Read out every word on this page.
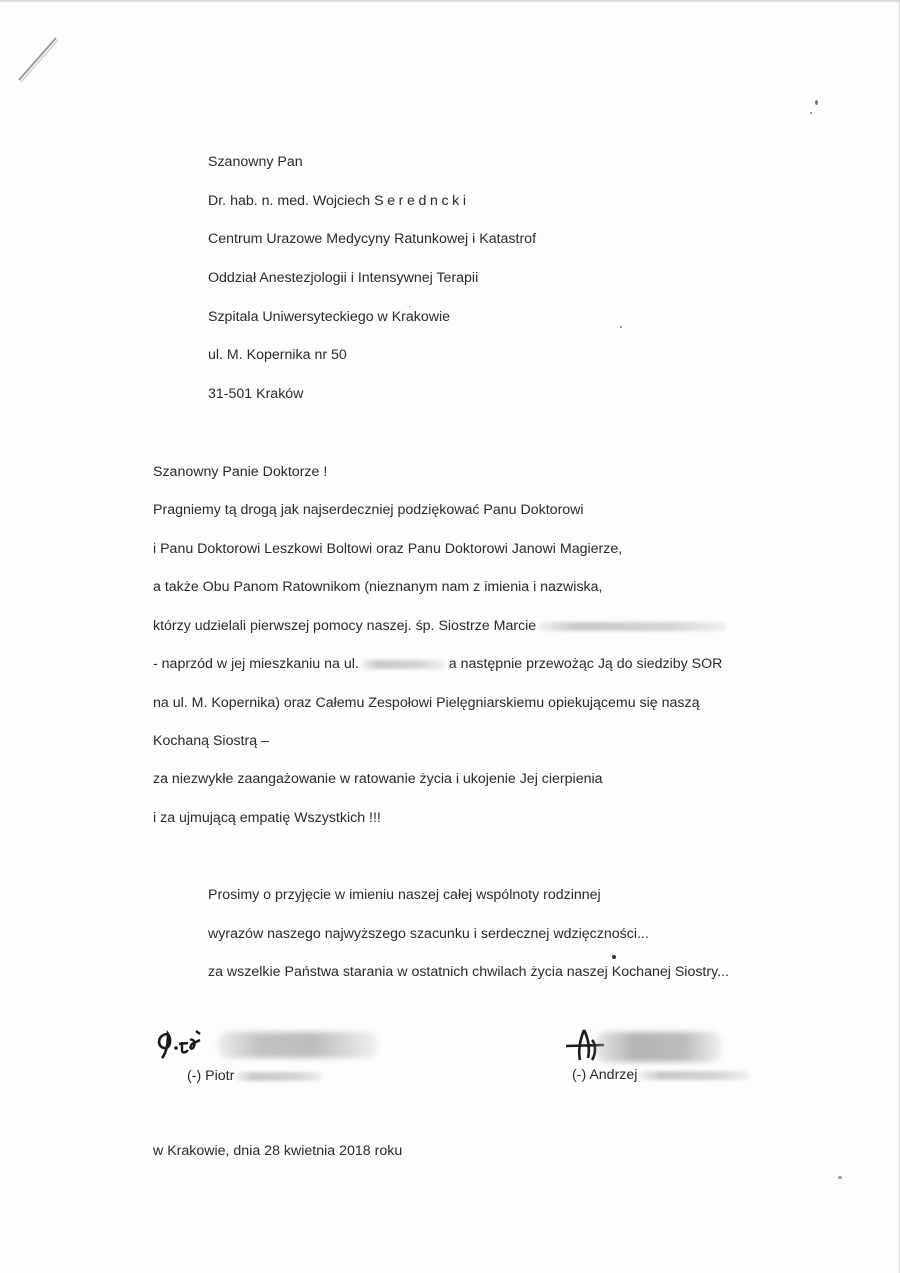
Szanowny Pan
Dr. hab. n. med. Wojciech Seredncki
Centrum Urazowe Medycyny Ratunkowej i Katastrof
Oddział Anestezjologii i Intensywnej Terapii
Szpitala Uniwersyteckiego w Krakowie
ul. M. Kopernika nr 50
31-501 Kraków
Szanowny Panie Doktorze !
Pragniemy tą drogą jak najserdeczniej podziękować Panu Doktorowi
i Panu Doktorowi Leszkowi Boltowi oraz Panu Doktorowi Janowi Magierze,
a także Obu Panom Ratownikom (nieznanym nam z imienia i nazwiska,
którzy udzielali pierwszej pomocy naszej. śp. Siostrze Marcie
- naprzód w jej mieszkaniu na ul.	a następnie przewożąc Ją do siedziby SOR
na ul. M. Kopernika) oraz Całemu Zespołowi Pielęgniarskiemu opiekującemu się naszą
Kochaną Siostrą –
za niezwykłe zaangażowanie w ratowanie życia i ukojenie Jej cierpienia
i za ujmującą empatię Wszystkich !!!
Prosimy o przyjęcie w imieniu naszej całej wspólnoty rodzinnej
wyrazów naszego najwyższego szacunku i serdecznej wdzięczności...
za wszelkie Państwa starania w ostatnich chwilach życia naszej Kochanej Siostry...
(-) Piotr	(-) Andrzej
w Krakowie, dnia 28 kwietnia 2018 roku
